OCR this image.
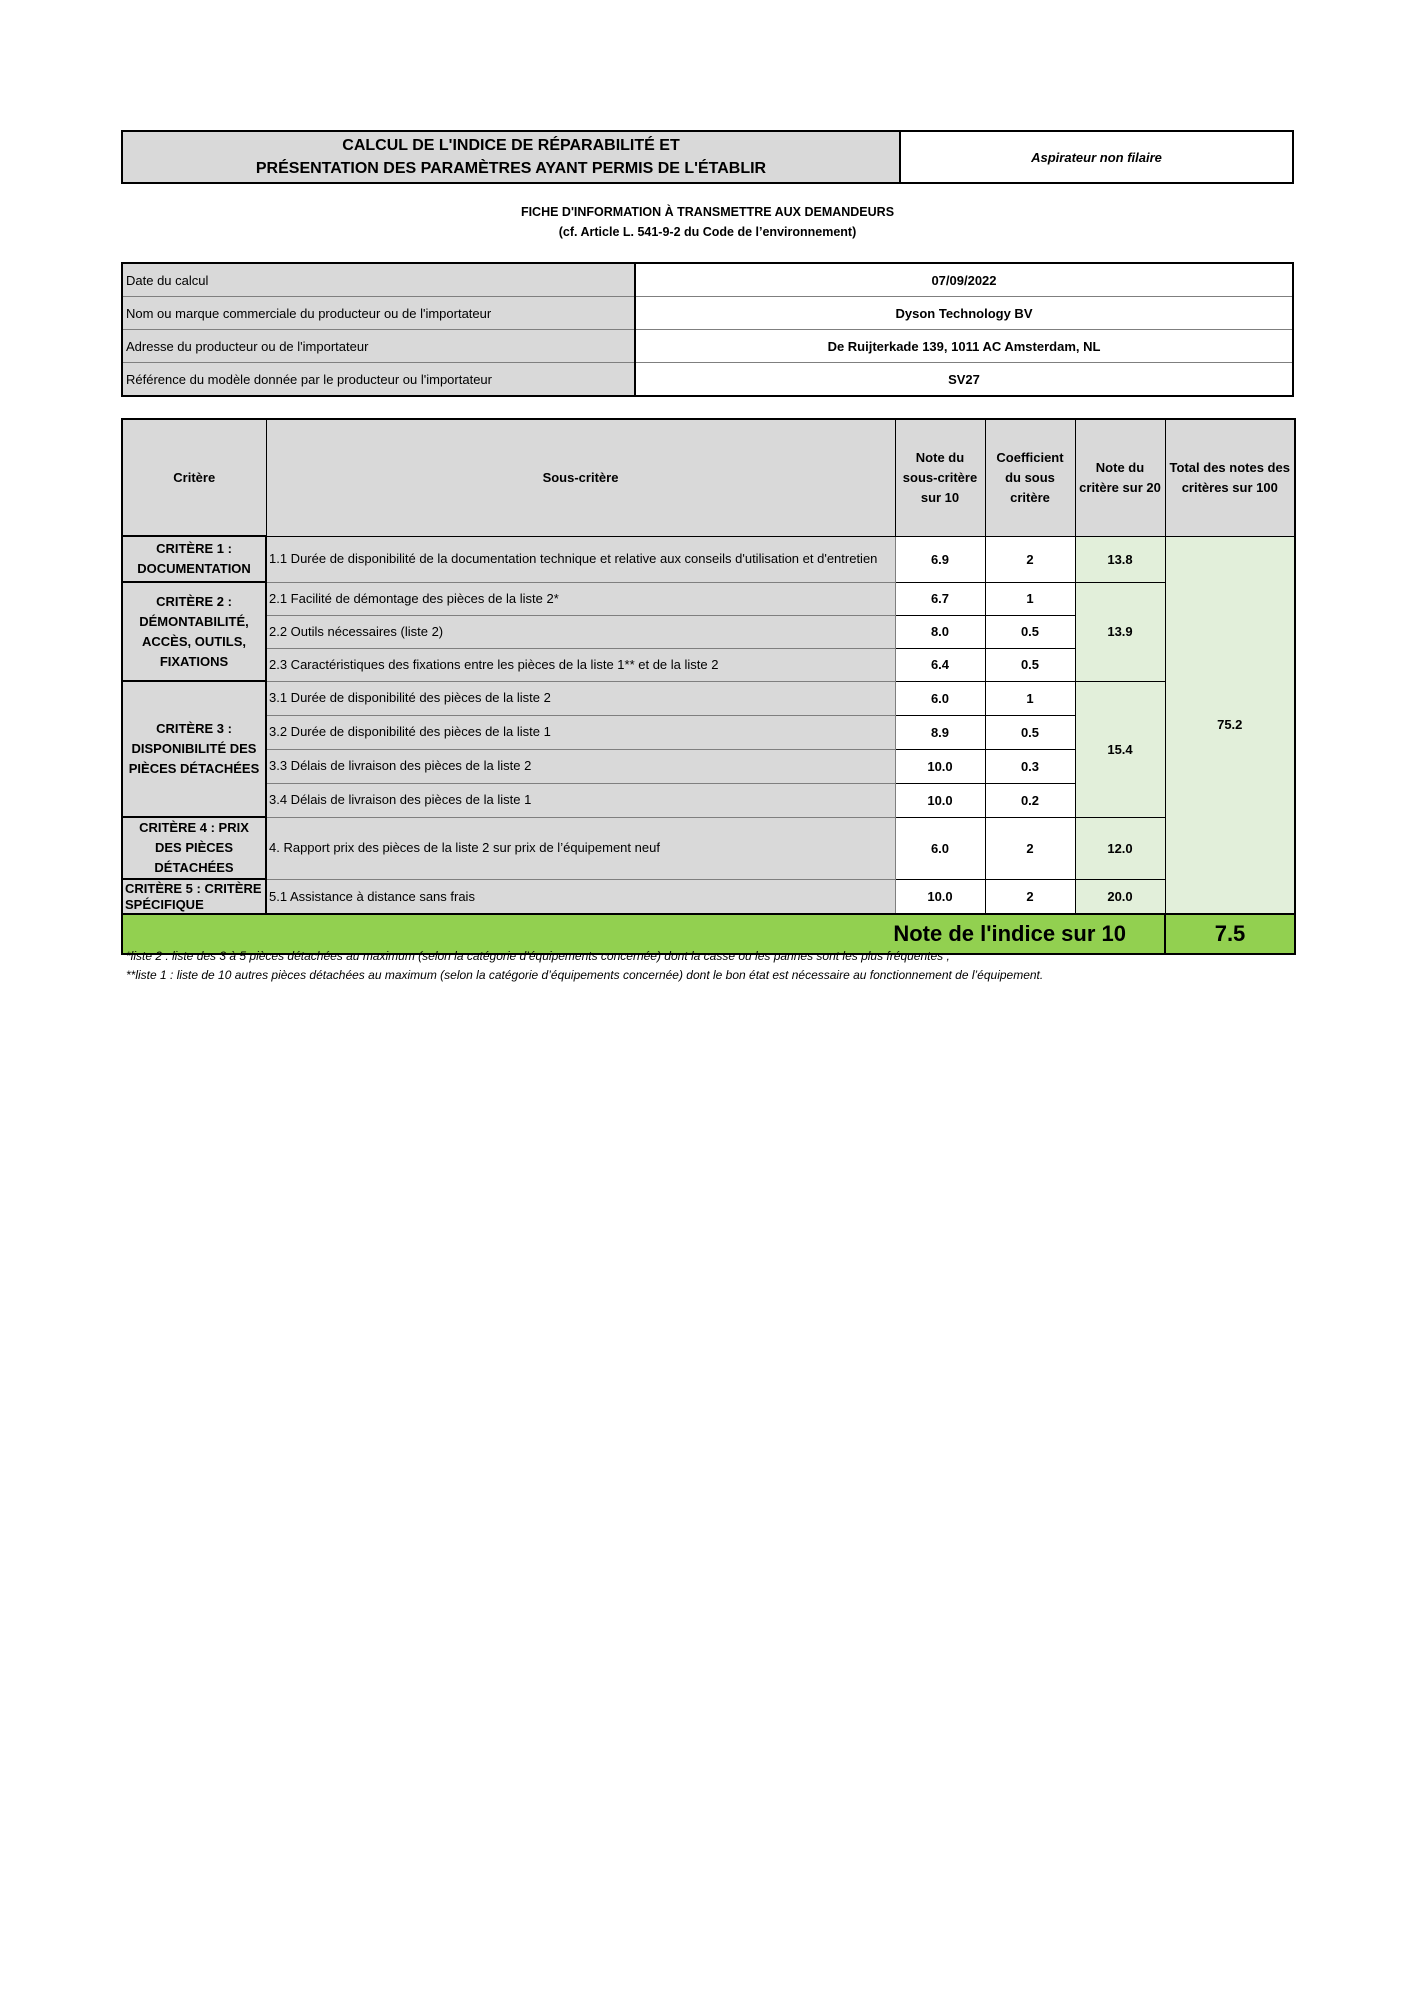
CALCUL DE L'INDICE DE RÉPARABILITÉ ET
PRÉSENTATION DES PARAMÈTRES AYANT PERMIS DE L'ÉTABLIR
Aspirateur non filaire
FICHE D'INFORMATION À TRANSMETTRE AUX DEMANDEURS
(cf. Article L. 541-9-2 du Code de l’environnement)
Date du calcul	07/09/2022
Nom ou marque commerciale du producteur ou de l'importateur	Dyson Technology BV
Adresse du producteur ou de l'importateur	De Ruijterkade 139, 1011 AC Amsterdam, NL
Référence du modèle donnée par le producteur ou l'importateur	SV27
Critère	Sous-critère	Note du sous-critère sur 10	Coefficient du sous critère	Note du critère sur 20	Total des notes des critères sur 100
CRITÈRE 1 : DOCUMENTATION	1.1 Durée de disponibilité de la documentation technique et relative aux conseils d'utilisation et d'entretien	6.9	2	13.8	75.2
CRITÈRE 2 : DÉMONTABILITÉ, ACCÈS, OUTILS, FIXATIONS	2.1 Facilité de démontage des pièces de la liste 2*	6.7	1	13.9	
	2.2 Outils nécessaires (liste 2)	8.0	0.5		
	2.3 Caractéristiques des fixations entre les pièces de la liste 1** et de la liste 2	6.4	0.5		
CRITÈRE 3 : DISPONIBILITÉ DES PIÈCES DÉTACHÉES	3.1 Durée de disponibilité des pièces de la liste 2	6.0	1	15.4	
	3.2 Durée de disponibilité des pièces de la liste 1	8.9	0.5		
	3.3 Délais de livraison des pièces de la liste 2	10.0	0.3		
	3.4 Délais de livraison des pièces de la liste 1	10.0	0.2		
CRITÈRE 4 : PRIX DES PIÈCES DÉTACHÉES	4. Rapport prix des pièces de la liste 2 sur prix de l’équipement neuf	6.0	2	12.0	
CRITÈRE 5 : CRITÈRE SPÉCIFIQUE	5.1 Assistance à distance sans frais	10.0	2	20.0	

Note de l'indice sur 10					7.5
*liste 2 : liste des 3 à 5 pièces détachées au maximum (selon la catégorie d’équipements concernée) dont la casse ou les pannes sont les plus fréquentes ;
**liste 1 : liste de 10 autres pièces détachées au maximum (selon la catégorie d’équipements concernée) dont le bon état est nécessaire au fonctionnement de l’équipement.
